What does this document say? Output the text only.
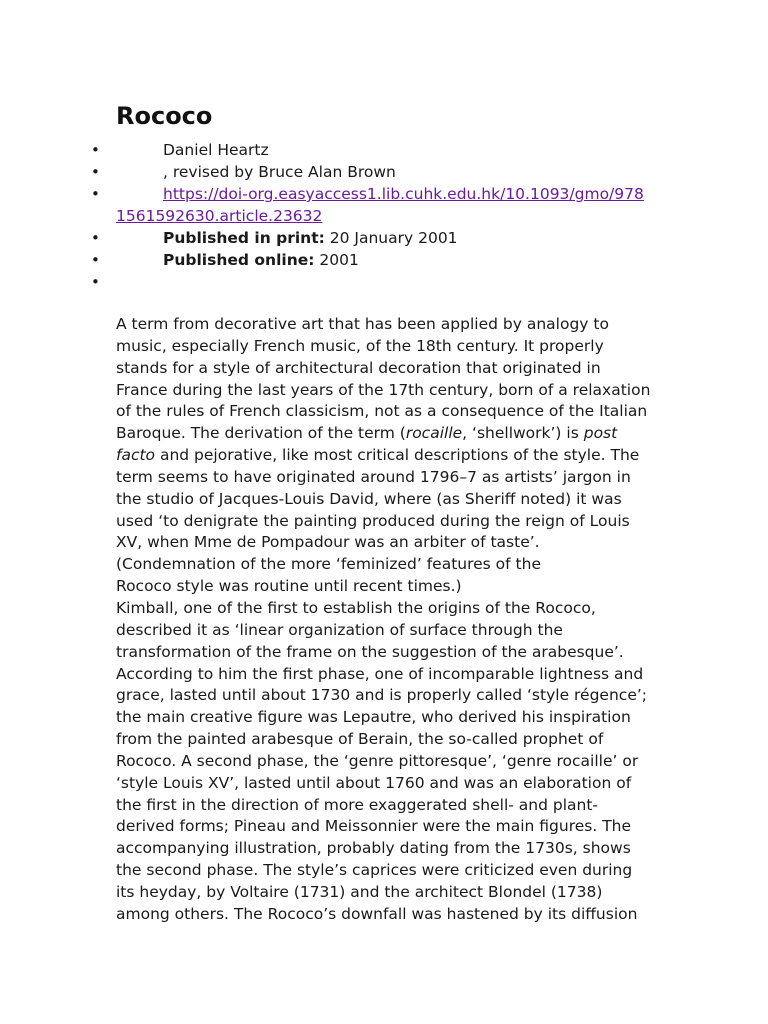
Rococo
•	Daniel Heartz
•	, revised by Bruce Alan Brown
•	https://doi-org.easyaccess1.lib.cuhk.edu.hk/10.1093/gmo/9781561592630.article.23632
•	Published in print: 20 January 2001
•	Published online: 2001
•

A term from decorative art that has been applied by analogy to music, especially French music, of the 18th century. It properly stands for a style of architectural decoration that originated in France during the last years of the 17th century, born of a relaxation of the rules of French classicism, not as a consequence of the Italian Baroque. The derivation of the term (rocaille, ‘shellwork’) is post facto and pejorative, like most critical descriptions of the style. The term seems to have originated around 1796–7 as artists’ jargon in the studio of Jacques-Louis David, where (as Sheriff noted) it was used ‘to denigrate the painting produced during the reign of Louis XV, when Mme de Pompadour was an arbiter of taste’.

(Condemnation of the more ‘feminized’ features of the Rococo style was routine until recent times.)

Kimball, one of the first to establish the origins of the Rococo, described it as ‘linear organization of surface through the transformation of the frame on the suggestion of the arabesque’. According to him the first phase, one of incomparable lightness and grace, lasted until about 1730 and is properly called ‘style régence’; the main creative figure was Lepautre, who derived his inspiration from the painted arabesque of Berain, the so-called prophet of Rococo. A second phase, the ‘genre pittoresque’, ‘genre rocaille’ or ‘style Louis XV’, lasted until about 1760 and was an elaboration of the first in the direction of more exaggerated shell- and plant-derived forms; Pineau and Meissonnier were the main figures. The accompanying illustration, probably dating from the 1730s, shows the second phase. The style’s caprices were criticized even during its heyday, by Voltaire (1731) and the architect Blondel (1738) among others. The Rococo’s downfall was hastened by its diffusion
